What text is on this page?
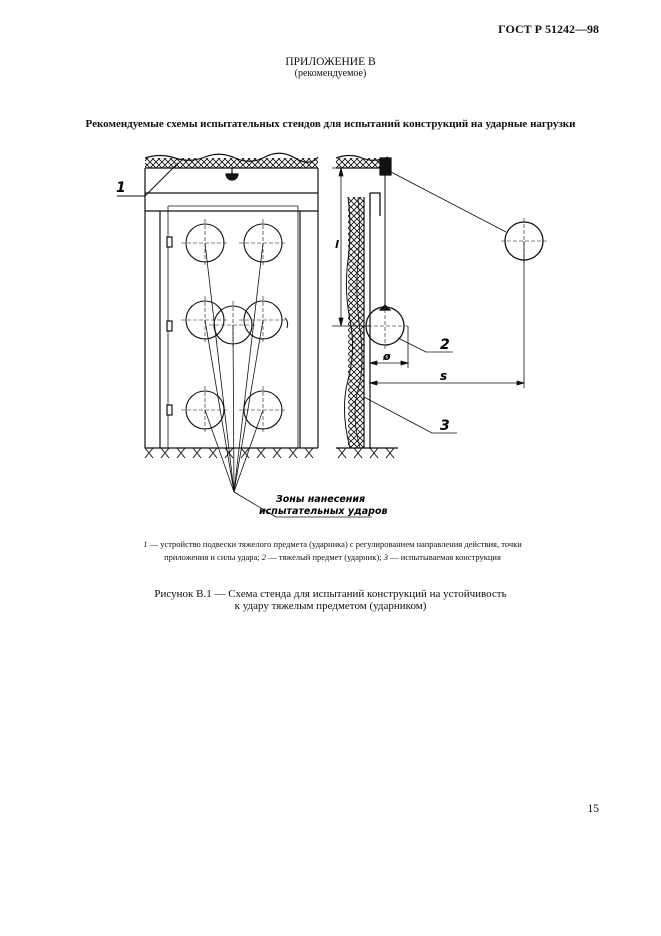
ГОСТ Р 51242—98
ПРИЛОЖЕНИЕ В
(рекомендуемое)
Рекомендуемые схемы испытательных стендов для испытаний конструкций на ударные нагрузки
1
l
ø
s
2
3
Зоны нанесения
испытательных ударов
1 — устройство подвески тяжелого предмета (ударника) с регулированием направления действия, точки приложения и силы удара; 2 — тяжелый предмет (ударник); 3 — испытываемая конструкция
Рисунок В.1 — Схема стенда для испытаний конструкций на устойчивость
к удару тяжелым предметом (ударником)
15
